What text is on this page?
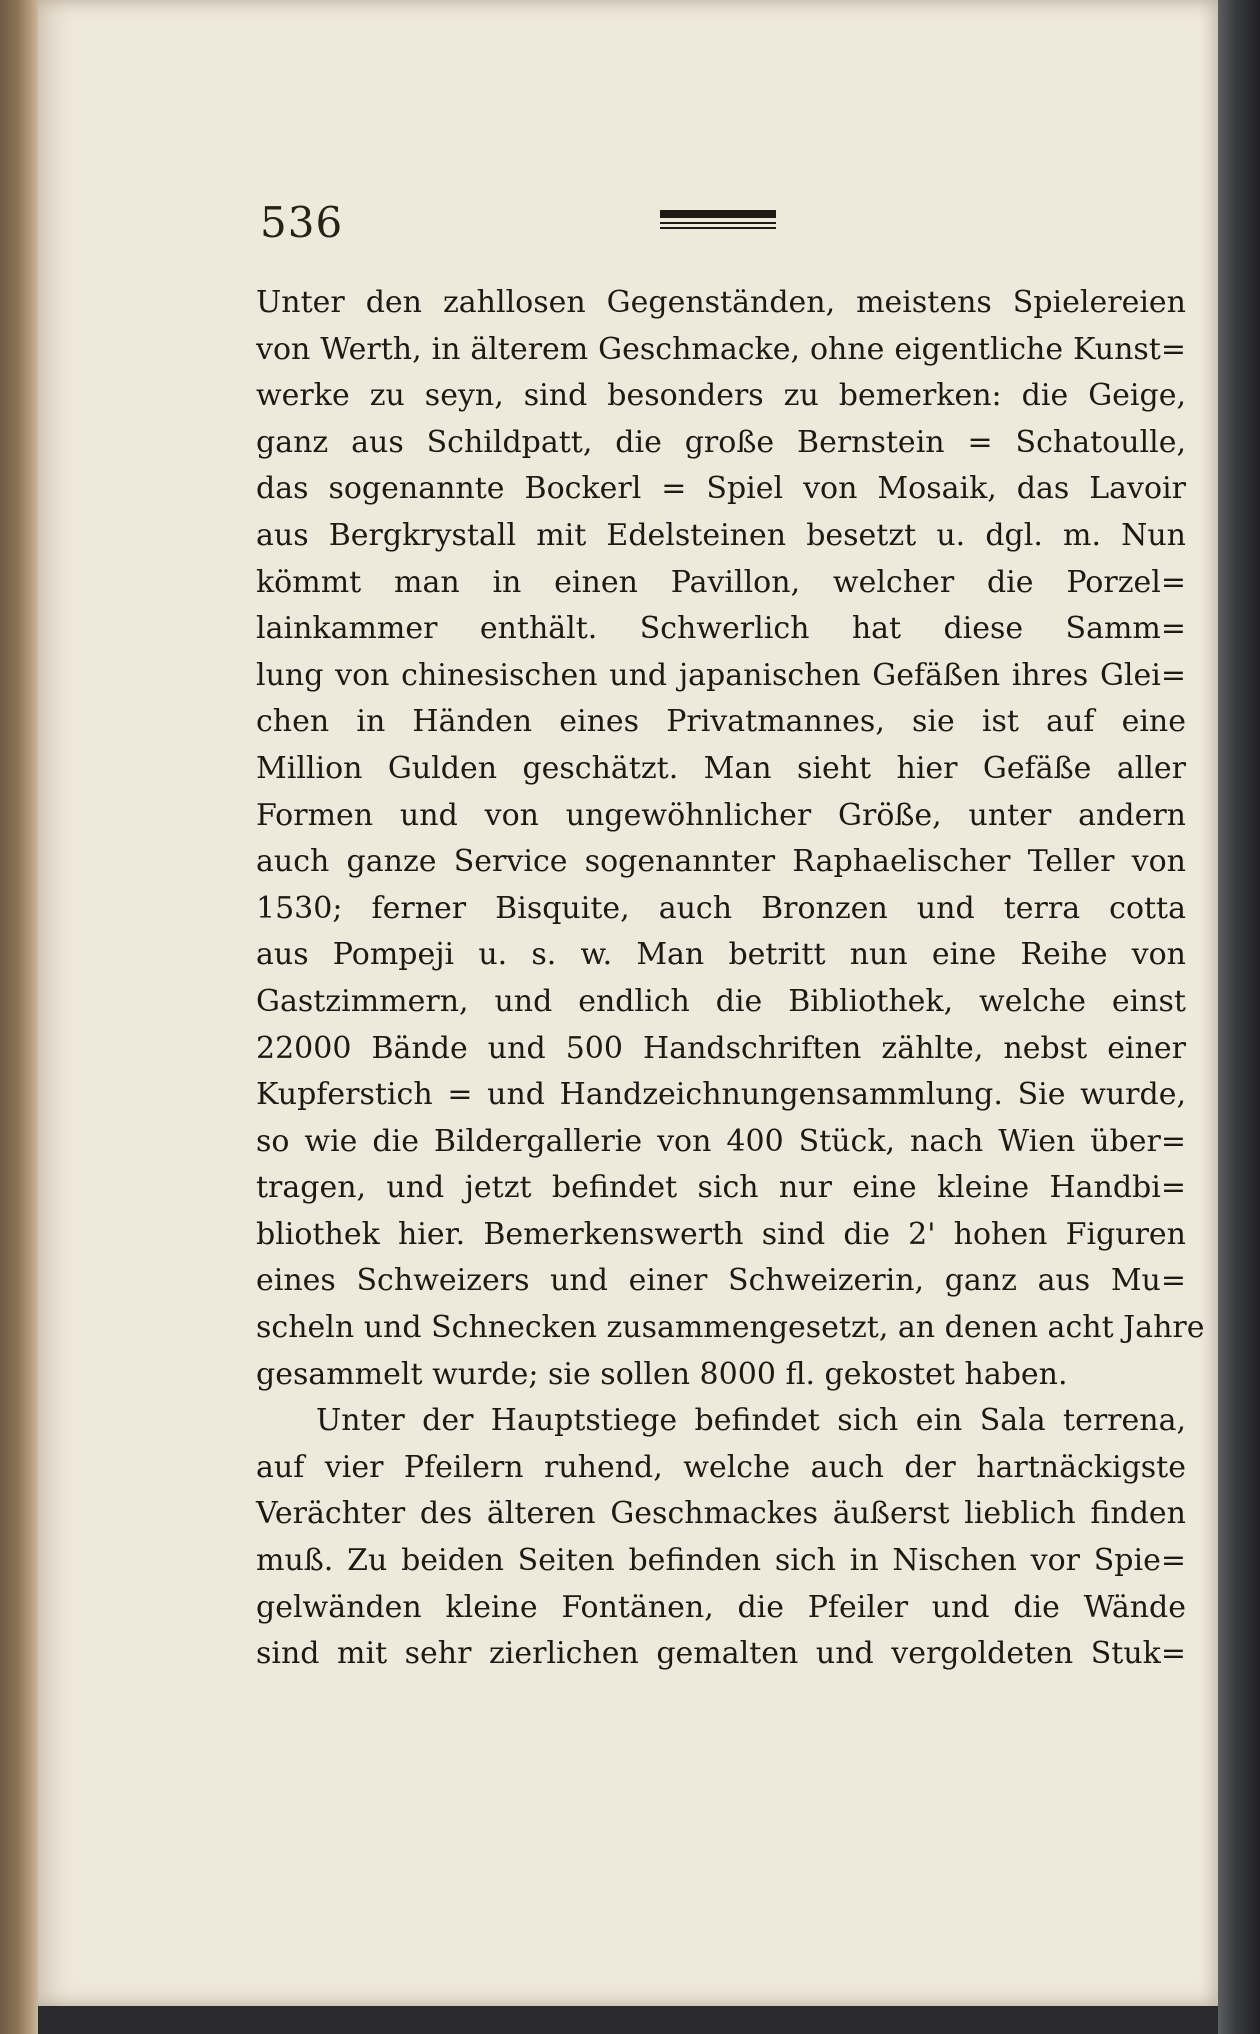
536
Unter den zahllosen Gegenständen, meistens Spielereien
von Werth, in älterem Geschmacke, ohne eigentliche Kunst=
werke zu seyn, sind besonders zu bemerken: die Geige,
ganz aus Schildpatt, die große Bernstein = Schatoulle,
das sogenannte Bockerl = Spiel von Mosaik, das Lavoir
aus Bergkrystall mit Edelsteinen besetzt u. dgl. m. Nun
kömmt man in einen Pavillon, welcher die Porzel=
lainkammer enthält. Schwerlich hat diese Samm=
lung von chinesischen und japanischen Gefäßen ihres Glei=
chen in Händen eines Privatmannes, sie ist auf eine
Million Gulden geschätzt. Man sieht hier Gefäße aller
Formen und von ungewöhnlicher Größe, unter andern
auch ganze Service sogenannter Raphaelischer Teller von
1530; ferner Bisquite, auch Bronzen und terra cotta
aus Pompeji u. s. w. Man betritt nun eine Reihe von
Gastzimmern, und endlich die Bibliothek, welche einst
22000 Bände und 500 Handschriften zählte, nebst einer
Kupferstich = und Handzeichnungensammlung. Sie wurde,
so wie die Bildergallerie von 400 Stück, nach Wien über=
tragen, und jetzt befindet sich nur eine kleine Handbi=
bliothek hier. Bemerkenswerth sind die 2' hohen Figuren
eines Schweizers und einer Schweizerin, ganz aus Mu=
scheln und Schnecken zusammengesetzt, an denen acht Jahre
gesammelt wurde; sie sollen 8000 fl. gekostet haben.
Unter der Hauptstiege befindet sich ein Sala terrena,
auf vier Pfeilern ruhend, welche auch der hartnäckigste
Verächter des älteren Geschmackes äußerst lieblich finden
muß. Zu beiden Seiten befinden sich in Nischen vor Spie=
gelwänden kleine Fontänen, die Pfeiler und die Wände
sind mit sehr zierlichen gemalten und vergoldeten Stuk=
